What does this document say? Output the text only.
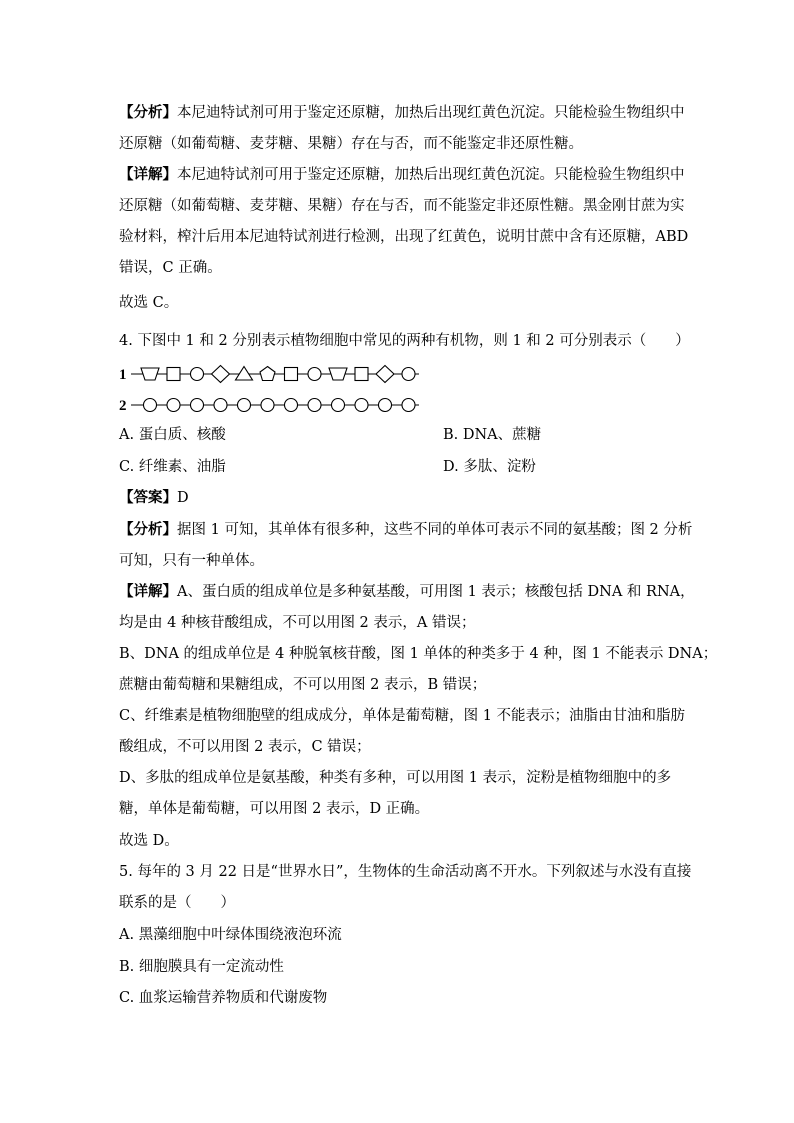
【分析】本尼迪特试剂可用于鉴定还原糖，加热后出现红黄色沉淀。只能检验生物组织中
还原糖（如葡萄糖、麦芽糖、果糖）存在与否，而不能鉴定非还原性糖。
【详解】本尼迪特试剂可用于鉴定还原糖，加热后出现红黄色沉淀。只能检验生物组织中
还原糖（如葡萄糖、麦芽糖、果糖）存在与否，而不能鉴定非还原性糖。黑金刚甘蔗为实
验材料，榨汁后用本尼迪特试剂进行检测，出现了红黄色，说明甘蔗中含有还原糖，ABD
错误，C 正确。
故选 C。
4. 下图中 1 和 2 分别表示植物细胞中常见的两种有机物，则 1 和 2 可分别表示（　　）
1
2
A. 蛋白质、核酸	B. DNA、蔗糖
C. 纤维素、油脂	D. 多肽、淀粉
【答案】D
【分析】据图 1 可知，其单体有很多种，这些不同的单体可表示不同的氨基酸；图 2 分析
可知，只有一种单体。
【详解】A、蛋白质的组成单位是多种氨基酸，可用图 1 表示；核酸包括 DNA 和 RNA，
均是由 4 种核苷酸组成，不可以用图 2 表示，A 错误；
B、DNA 的组成单位是 4 种脱氧核苷酸，图 1 单体的种类多于 4 种，图 1 不能表示 DNA；
蔗糖由葡萄糖和果糖组成，不可以用图 2 表示，B 错误；
C、纤维素是植物细胞壁的组成成分，单体是葡萄糖，图 1 不能表示；油脂由甘油和脂肪
酸组成，不可以用图 2 表示，C 错误；
D、多肽的组成单位是氨基酸，种类有多种，可以用图 1 表示，淀粉是植物细胞中的多
糖，单体是葡萄糖，可以用图 2 表示，D 正确。
故选 D。
5. 每年的 3 月 22 日是“世界水日”，生物体的生命活动离不开水。下列叙述与水没有直接
联系的是（　　）
A. 黑藻细胞中叶绿体围绕液泡环流
B. 细胞膜具有一定流动性
C. 血浆运输营养物质和代谢废物
